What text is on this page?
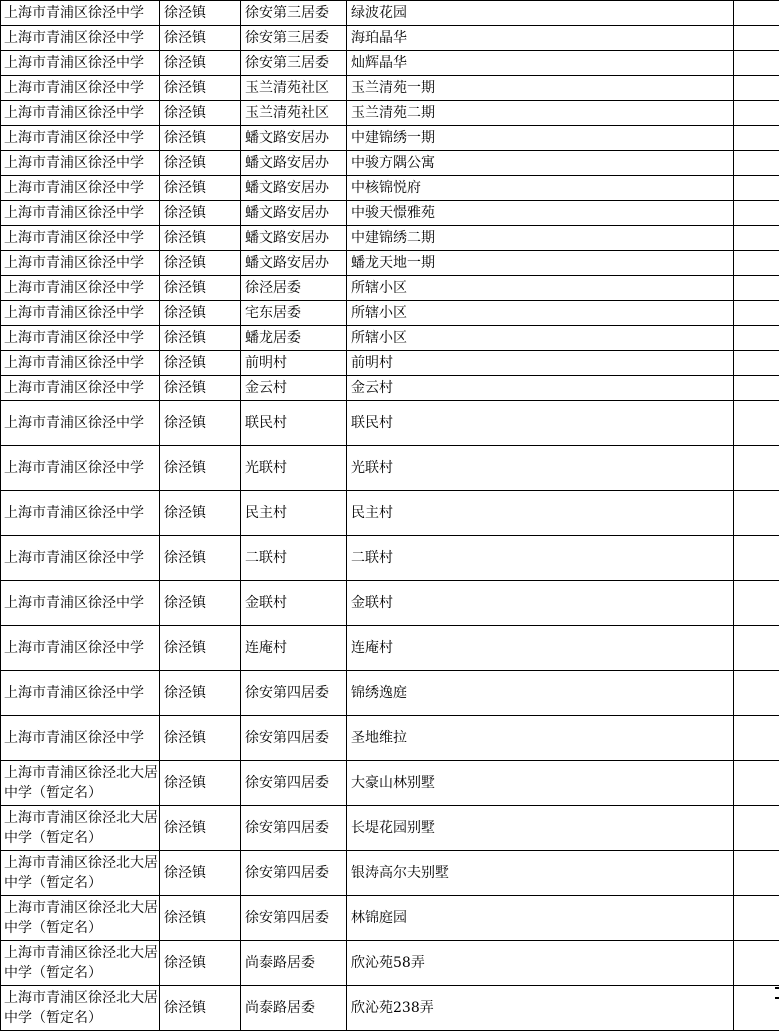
上海市青浦区徐泾中学	徐泾镇	徐安第三居委	绿波花园	
上海市青浦区徐泾中学	徐泾镇	徐安第三居委	海珀晶华	
上海市青浦区徐泾中学	徐泾镇	徐安第三居委	灿辉晶华	
上海市青浦区徐泾中学	徐泾镇	玉兰清苑社区	玉兰清苑一期	
上海市青浦区徐泾中学	徐泾镇	玉兰清苑社区	玉兰清苑二期	
上海市青浦区徐泾中学	徐泾镇	蟠文路安居办	中建锦绣一期	
上海市青浦区徐泾中学	徐泾镇	蟠文路安居办	中骏方隅公寓	
上海市青浦区徐泾中学	徐泾镇	蟠文路安居办	中核锦悦府	
上海市青浦区徐泾中学	徐泾镇	蟠文路安居办	中骏天憬雅苑	
上海市青浦区徐泾中学	徐泾镇	蟠文路安居办	中建锦绣二期	
上海市青浦区徐泾中学	徐泾镇	蟠文路安居办	蟠龙天地一期	
上海市青浦区徐泾中学	徐泾镇	徐泾居委	所辖小区	
上海市青浦区徐泾中学	徐泾镇	宅东居委	所辖小区	
上海市青浦区徐泾中学	徐泾镇	蟠龙居委	所辖小区	
上海市青浦区徐泾中学	徐泾镇	前明村	前明村	
上海市青浦区徐泾中学	徐泾镇	金云村	金云村	
上海市青浦区徐泾中学	徐泾镇	联民村	联民村	
上海市青浦区徐泾中学	徐泾镇	光联村	光联村	
上海市青浦区徐泾中学	徐泾镇	民主村	民主村	
上海市青浦区徐泾中学	徐泾镇	二联村	二联村	
上海市青浦区徐泾中学	徐泾镇	金联村	金联村	
上海市青浦区徐泾中学	徐泾镇	连庵村	连庵村	
上海市青浦区徐泾中学	徐泾镇	徐安第四居委	锦绣逸庭	
上海市青浦区徐泾中学	徐泾镇	徐安第四居委	圣地维拉	
上海市青浦区徐泾北大居中学（暂定名）	徐泾镇	徐安第四居委	大豪山林别墅	
上海市青浦区徐泾北大居中学（暂定名）	徐泾镇	徐安第四居委	长堤花园别墅	
上海市青浦区徐泾北大居中学（暂定名）	徐泾镇	徐安第四居委	银涛高尔夫别墅	
上海市青浦区徐泾北大居中学（暂定名）	徐泾镇	徐安第四居委	林锦庭园	
上海市青浦区徐泾北大居中学（暂定名）	徐泾镇	尚泰路居委	欣沁苑58弄	
上海市青浦区徐泾北大居中学（暂定名）	徐泾镇	尚泰路居委	欣沁苑238弄	
